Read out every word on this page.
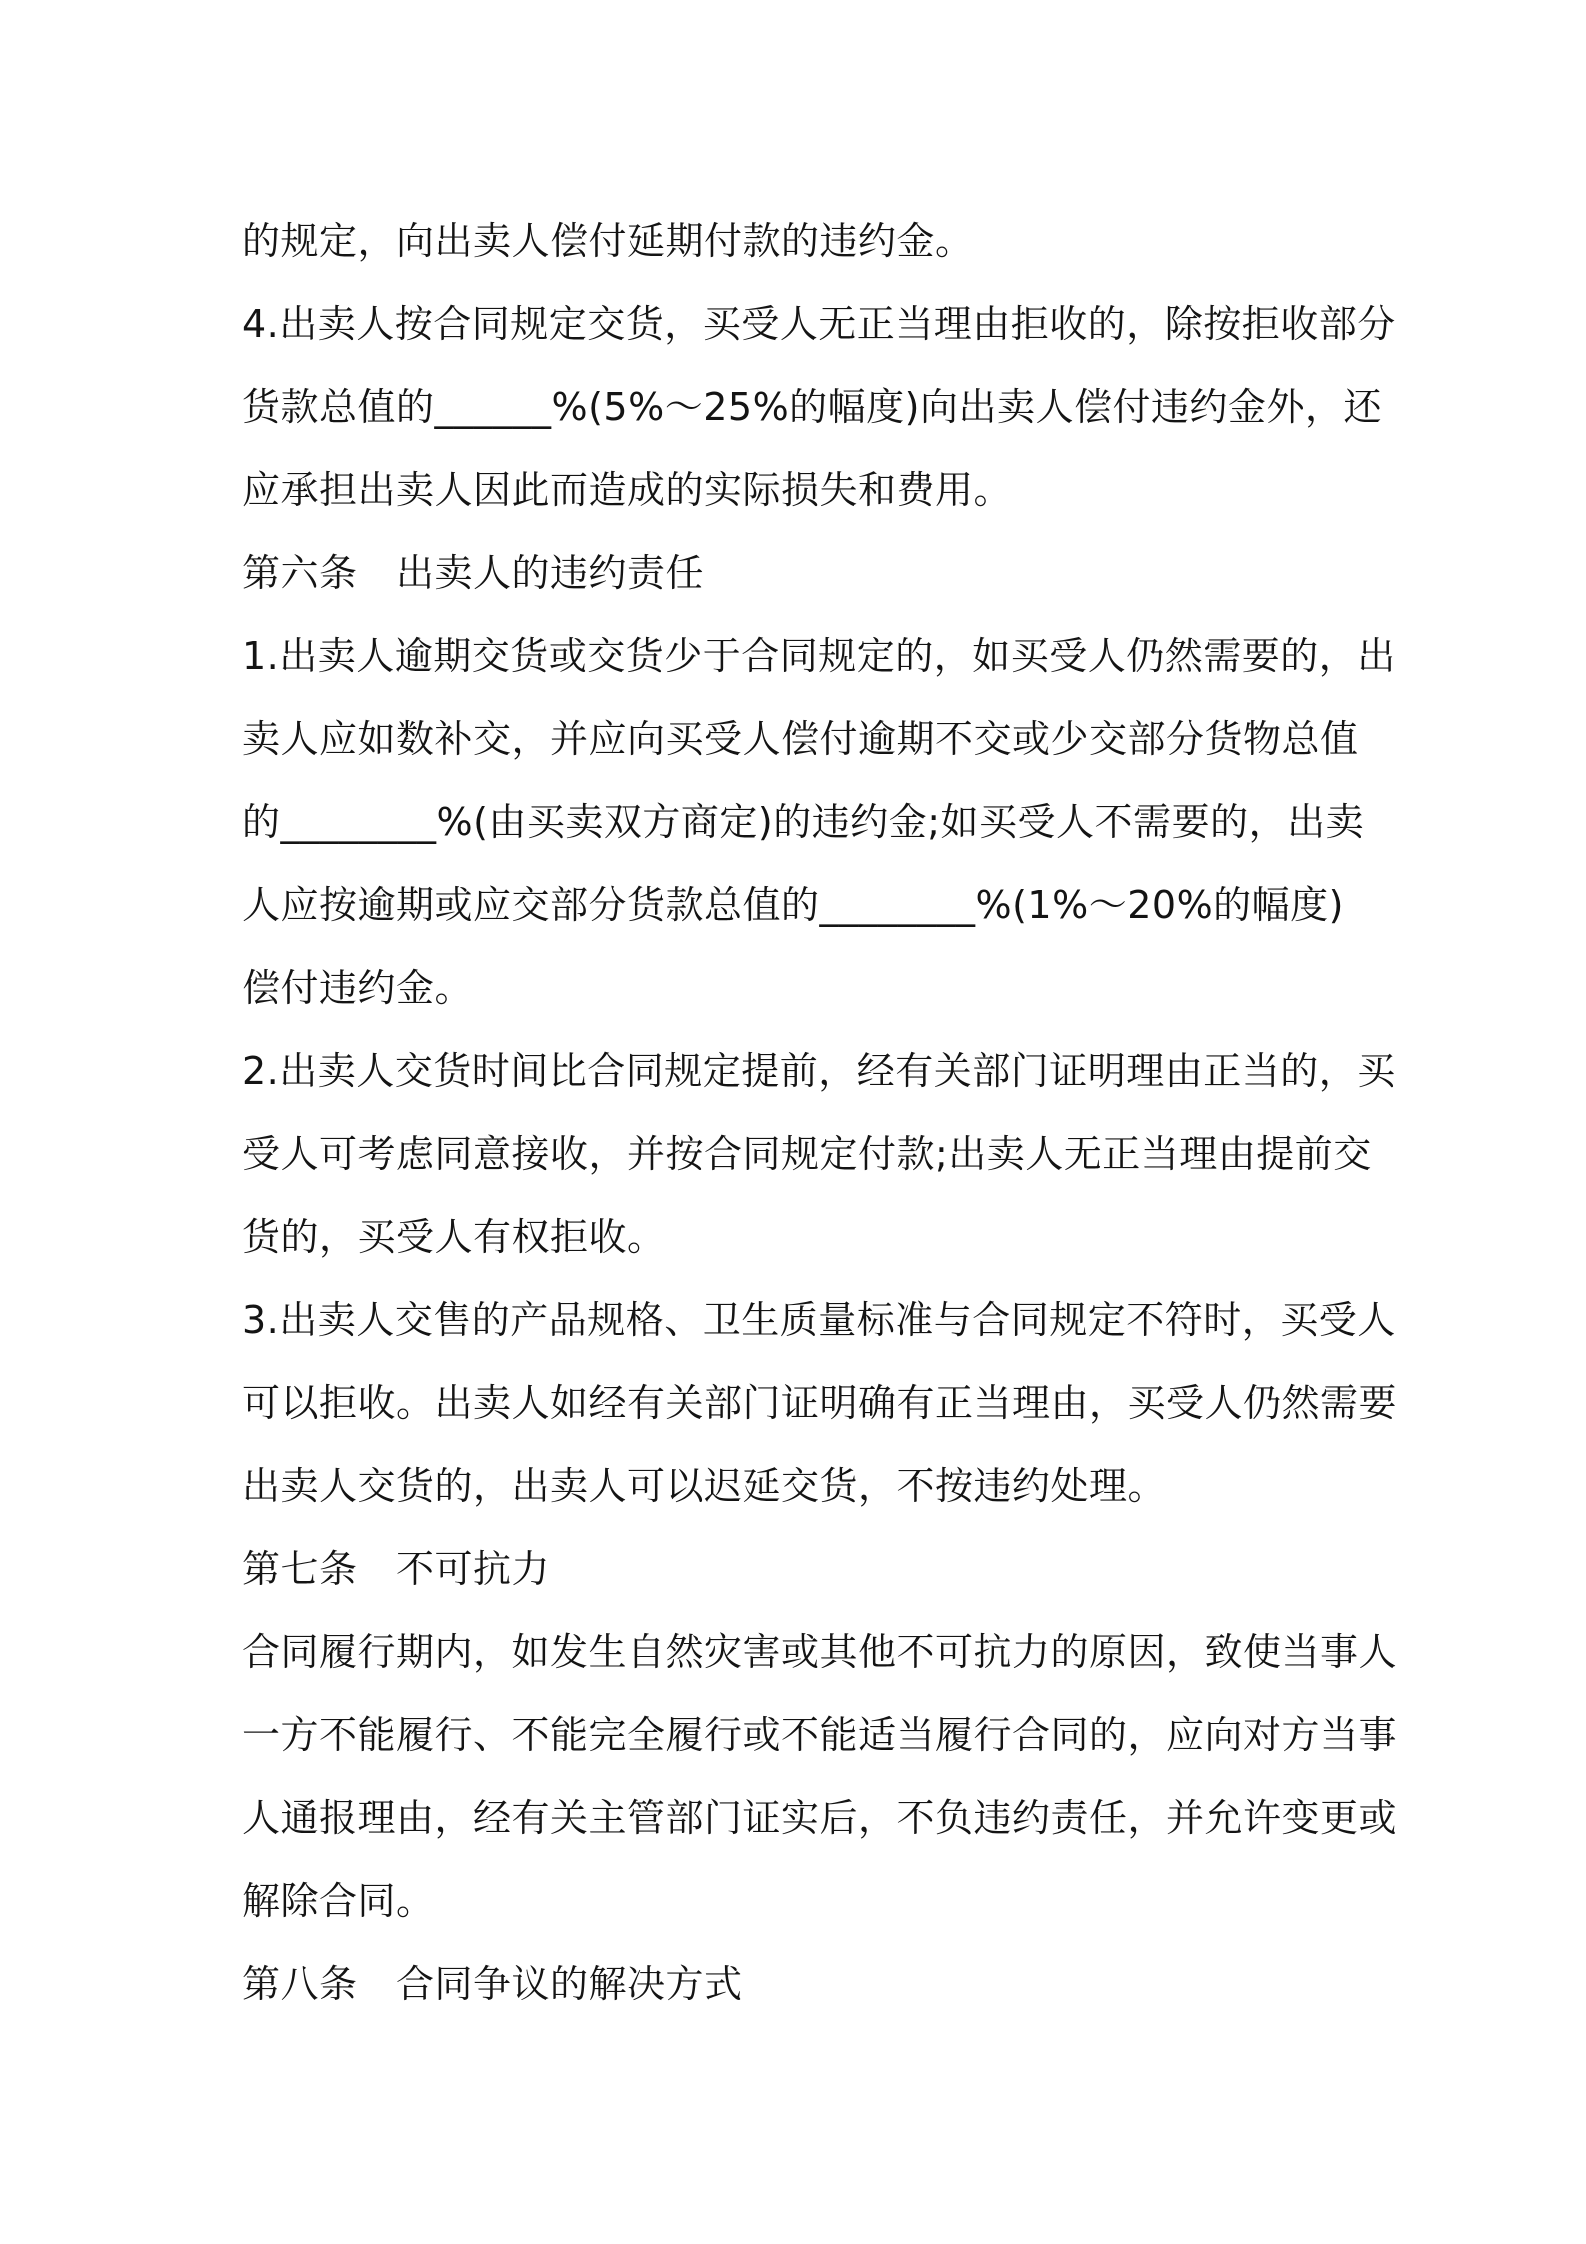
的规定，向出卖人偿付延期付款的违约金。
4.出卖人按合同规定交货，买受人无正当理由拒收的，除按拒收部分
货款总值的______%(5%～25%的幅度)向出卖人偿付违约金外，还
应承担出卖人因此而造成的实际损失和费用。
第六条　出卖人的违约责任
1.出卖人逾期交货或交货少于合同规定的，如买受人仍然需要的，出
卖人应如数补交，并应向买受人偿付逾期不交或少交部分货物总值
的________%(由买卖双方商定)的违约金;如买受人不需要的，出卖
人应按逾期或应交部分货款总值的________%(1%～20%的幅度)
偿付违约金。
2.出卖人交货时间比合同规定提前，经有关部门证明理由正当的，买
受人可考虑同意接收，并按合同规定付款;出卖人无正当理由提前交
货的，买受人有权拒收。
3.出卖人交售的产品规格、卫生质量标准与合同规定不符时，买受人
可以拒收。出卖人如经有关部门证明确有正当理由，买受人仍然需要
出卖人交货的，出卖人可以迟延交货，不按违约处理。
第七条　不可抗力
合同履行期内，如发生自然灾害或其他不可抗力的原因，致使当事人
一方不能履行、不能完全履行或不能适当履行合同的，应向对方当事
人通报理由，经有关主管部门证实后，不负违约责任，并允许变更或
解除合同。
第八条　合同争议的解决方式
